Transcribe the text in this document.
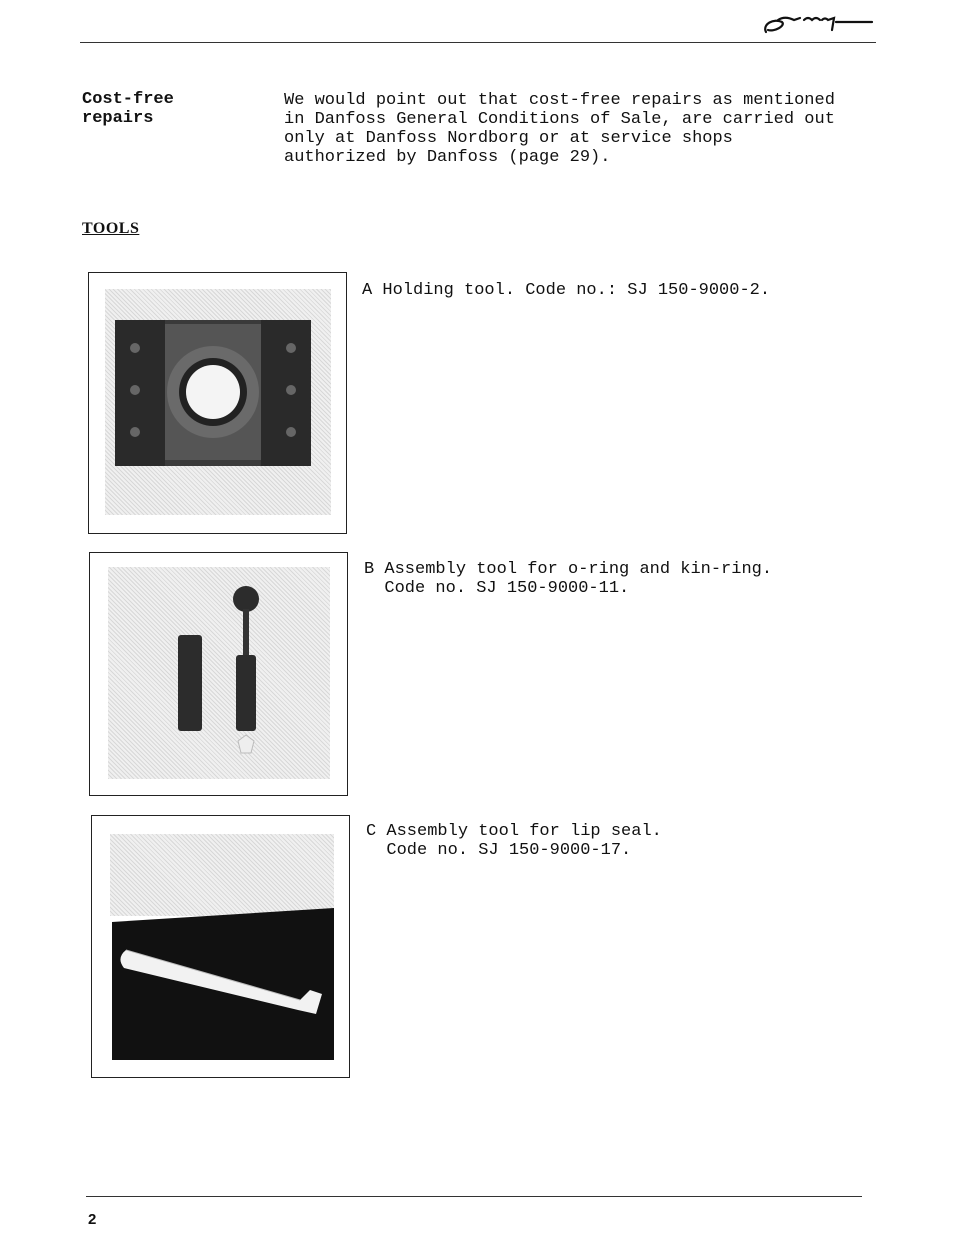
Cost-free
repairs
We would point out that cost-free repairs as mentioned
in Danfoss General Conditions of Sale, are carried out
only at Danfoss Nordborg or at service shops
authorized by Danfoss (page 29).
TOOLS
A Holding tool. Code no.: SJ 150-9000-2.
B Assembly tool for o-ring and kin-ring.
Code no. SJ 150-9000-11.
C Assembly tool for lip seal.
Code no. SJ 150-9000-17.
2
